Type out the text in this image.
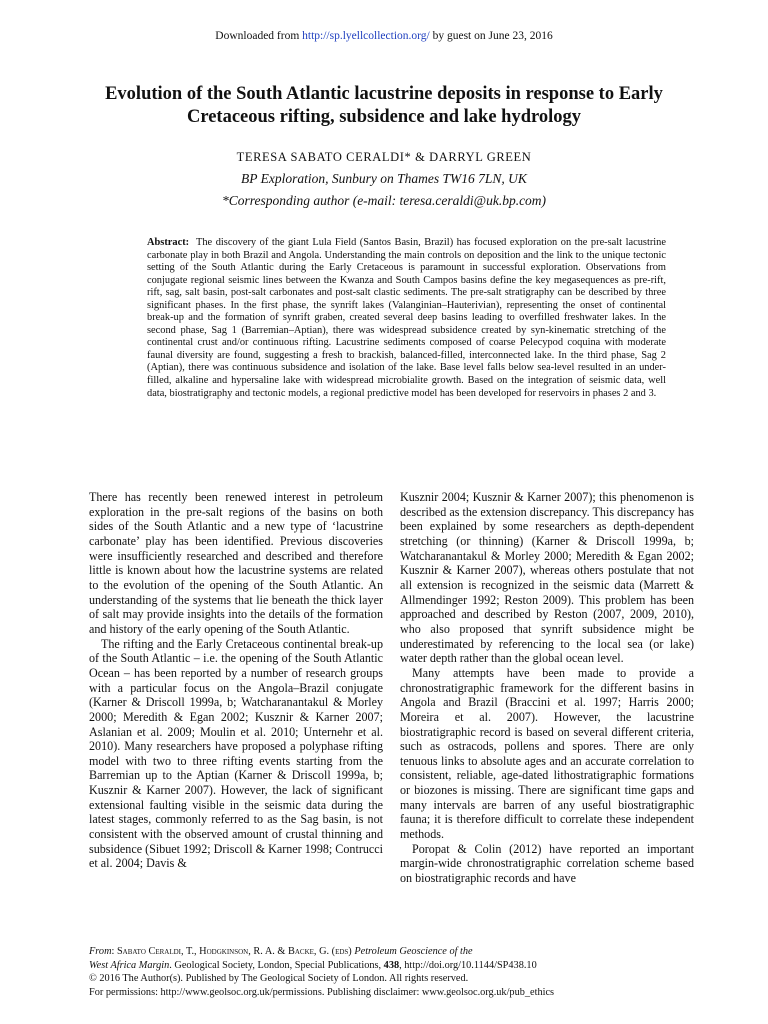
Downloaded from http://sp.lyellcollection.org/ by guest on June 23, 2016
Evolution of the South Atlantic lacustrine deposits in response to Early Cretaceous rifting, subsidence and lake hydrology
TERESA SABATO CERALDI* & DARRYL GREEN
BP Exploration, Sunbury on Thames TW16 7LN, UK
*Corresponding author (e-mail: teresa.ceraldi@uk.bp.com)

Abstract: The discovery of the giant Lula Field (Santos Basin, Brazil) has focused exploration on the pre-salt lacustrine carbonate play in both Brazil and Angola. Understanding the main controls on deposition and the link to the unique tectonic setting of the South Atlantic during the Early Cretaceous is paramount in successful exploration. Observations from conjugate regional seismic lines between the Kwanza and South Campos basins define the key megasequences as pre-rift, rift, sag, salt basin, post-salt carbonates and post-salt clastic sediments. The pre-salt stratigraphy can be described by three significant phases. In the first phase, the synrift lakes (Valanginian–Hauterivian), representing the onset of continental break-up and the formation of synrift graben, created several deep basins leading to overfilled freshwater lakes. In the second phase, Sag 1 (Barremian–Aptian), there was widespread subsidence created by syn-kinematic stretching of the continental crust and/or continuous rifting. Lacustrine sediments composed of coarse Pelecypod coquina with moderate faunal diversity are found, suggesting a fresh to brackish, balanced-filled, interconnected lake. In the third phase, Sag 2 (Aptian), there was continuous subsidence and isolation of the lake. Base level falls below sea-level resulted in an under-filled, alkaline and hypersaline lake with widespread microbialite growth. Based on the integration of seismic data, well data, biostratigraphy and tectonic models, a regional predictive model has been developed for reservoirs in phases 2 and 3.

There has recently been renewed interest in petroleum exploration in the pre-salt regions of the basins on both sides of the South Atlantic and a new type of ‘lacustrine carbonate’ play has been identified. Previous discoveries were insufficiently researched and described and therefore little is known about how the lacustrine systems are related to the evolution of the opening of the South Atlantic. An understanding of the systems that lie beneath the thick layer of salt may provide insights into the details of the formation and history of the early opening of the South Atlantic.

The rifting and the Early Cretaceous continental break-up of the South Atlantic – i.e. the opening of the South Atlantic Ocean – has been reported by a number of research groups with a particular focus on the Angola–Brazil conjugate (Karner & Driscoll 1999a, b; Watcharanantakul & Morley 2000; Meredith & Egan 2002; Kusznir & Karner 2007; Aslanian et al. 2009; Moulin et al. 2010; Unternehr et al. 2010). Many researchers have proposed a polyphase rifting model with two to three rifting events starting from the Barremian up to the Aptian (Karner & Driscoll 1999a, b; Kusznir & Karner 2007). However, the lack of significant extensional faulting visible in the seismic data during the latest stages, commonly referred to as the Sag basin, is not consistent with the observed amount of crustal thinning and subsidence (Sibuet 1992; Driscoll & Karner 1998; Contrucci et al. 2004; Davis &

Kusznir 2004; Kusznir & Karner 2007); this phenomenon is described as the extension discrepancy. This discrepancy has been explained by some researchers as depth-dependent stretching (or thinning) (Karner & Driscoll 1999a, b; Watcharanantakul & Morley 2000; Meredith & Egan 2002; Kusznir & Karner 2007), whereas others postulate that not all extension is recognized in the seismic data (Marrett & Allmendinger 1992; Reston 2009). This problem has been approached and described by Reston (2007, 2009, 2010), who also proposed that synrift subsidence might be underestimated by referencing to the local sea (or lake) water depth rather than the global ocean level.

Many attempts have been made to provide a chronostratigraphic framework for the different basins in Angola and Brazil (Braccini et al. 1997; Harris 2000; Moreira et al. 2007). However, the lacustrine biostratigraphic record is based on several different criteria, such as ostracods, pollens and spores. There are only tenuous links to absolute ages and an accurate correlation to consistent, reliable, age-dated lithostratigraphic formations or biozones is missing. There are significant time gaps and many intervals are barren of any useful biostratigraphic fauna; it is therefore difficult to correlate these independent methods.

Poropat & Colin (2012) have reported an important margin-wide chronostratigraphic correlation scheme based on biostratigraphic records and have

From: Sabato Ceraldi, T., Hodgkinson, R. A. & Backe, G. (eds) Petroleum Geoscience of the
West Africa Margin. Geological Society, London, Special Publications, 438, http://doi.org/10.1144/SP438.10
© 2016 The Author(s). Published by The Geological Society of London. All rights reserved.
For permissions: http://www.geolsoc.org.uk/permissions. Publishing disclaimer: www.geolsoc.org.uk/pub_ethics
